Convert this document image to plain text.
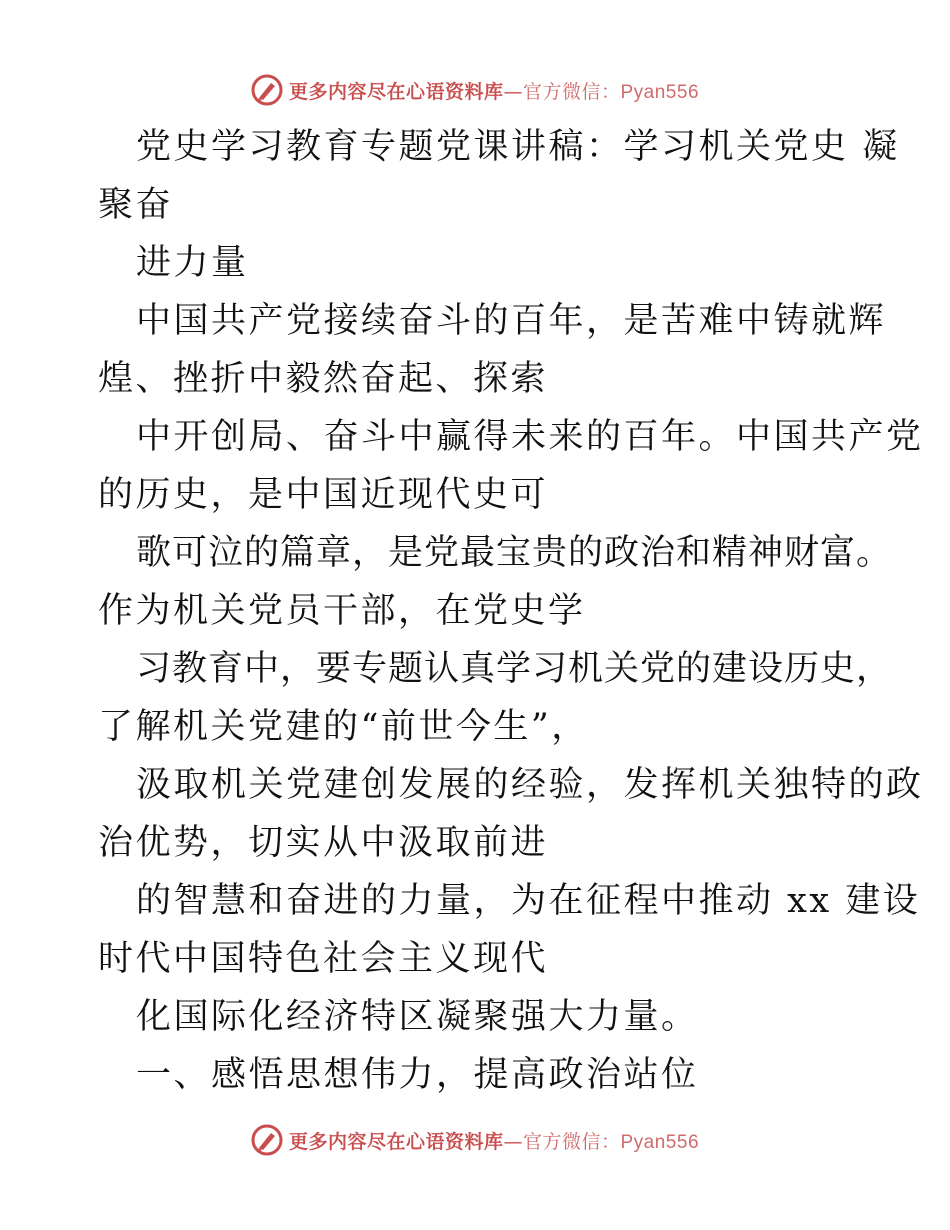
更多内容尽在心语资料库—官方微信：Pyan556
党史学习教育专题党课讲稿：学习机关党史 凝
聚奋
进力量
中国共产党接续奋斗的百年，是苦难中铸就辉
煌、挫折中毅然奋起、探索
中开创局、奋斗中赢得未来的百年。中国共产党
的历史，是中国近现代史可
歌可泣的篇章，是党最宝贵的政治和精神财富。
作为机关党员干部，在党史学
习教育中，要专题认真学习机关党的建设历史，
了解机关党建的“前世今生”，
汲取机关党建创发展的经验，发挥机关独特的政
治优势，切实从中汲取前进
的智慧和奋进的力量，为在征程中推动 xx 建设
时代中国特色社会主义现代
化国际化经济特区凝聚强大力量。
一、感悟思想伟力，提高政治站位
更多内容尽在心语资料库—官方微信：Pyan556
